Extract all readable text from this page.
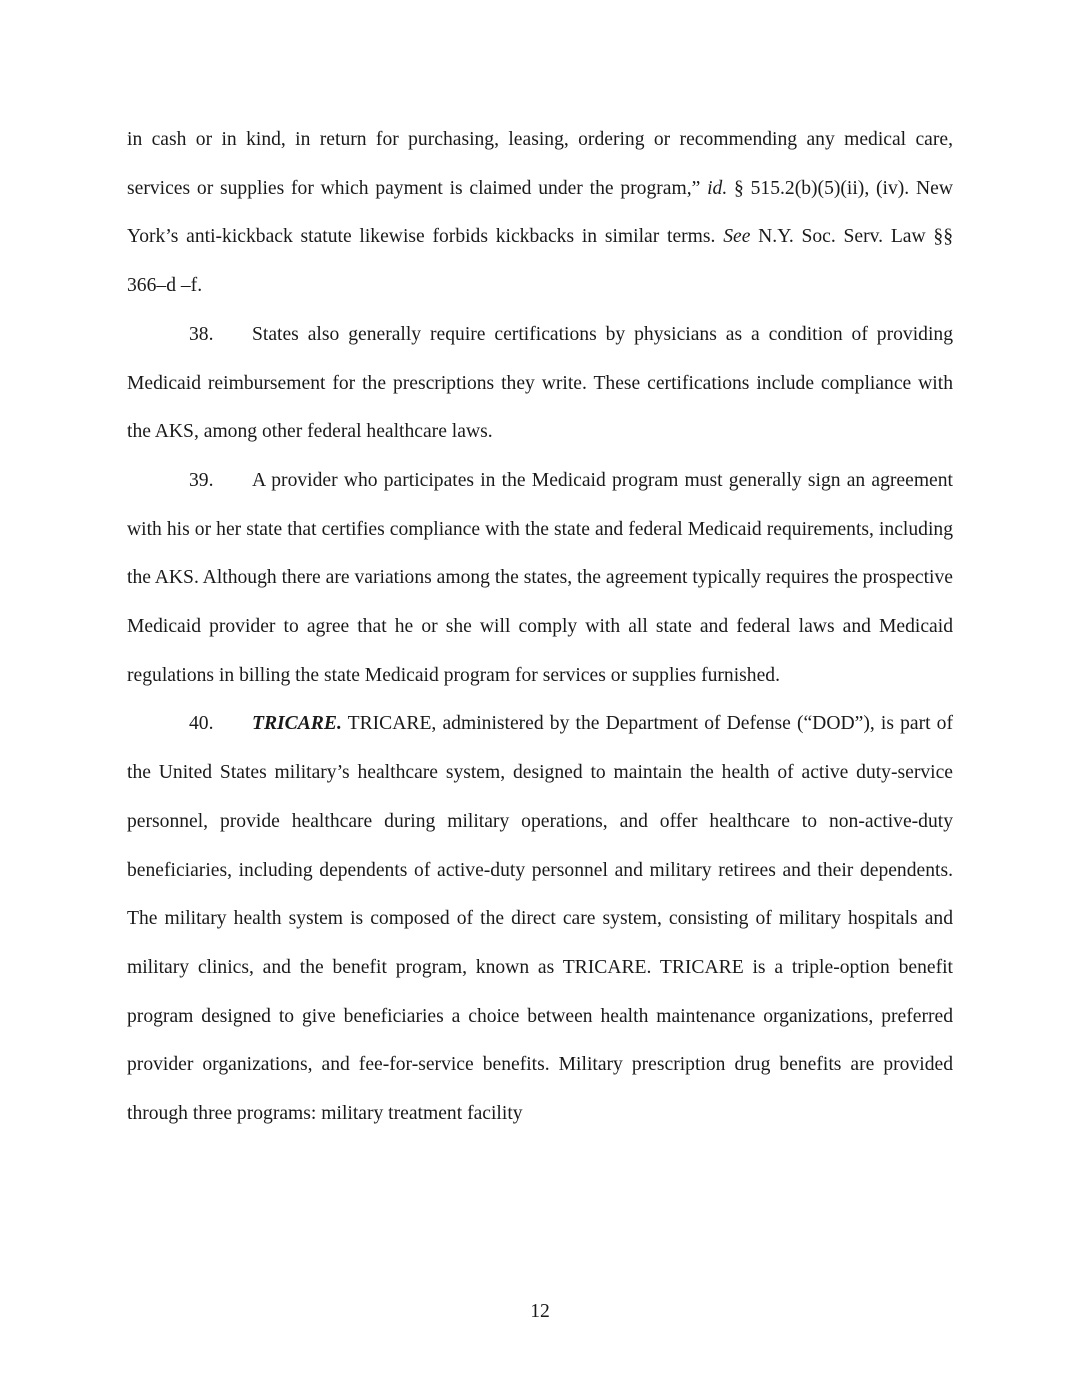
in cash or in kind, in return for purchasing, leasing, ordering or recommending any medical care, services or supplies for which payment is claimed under the program,” id. § 515.2(b)(5)(ii), (iv). New York’s anti-kickback statute likewise forbids kickbacks in similar terms. See N.Y. Soc. Serv. Law §§ 366–d –f.

38. States also generally require certifications by physicians as a condition of providing Medicaid reimbursement for the prescriptions they write. These certifications include compliance with the AKS, among other federal healthcare laws.

39. A provider who participates in the Medicaid program must generally sign an agreement with his or her state that certifies compliance with the state and federal Medicaid requirements, including the AKS. Although there are variations among the states, the agreement typically requires the prospective Medicaid provider to agree that he or she will comply with all state and federal laws and Medicaid regulations in billing the state Medicaid program for services or supplies furnished.

40. TRICARE. TRICARE, administered by the Department of Defense (“DOD”), is part of the United States military’s healthcare system, designed to maintain the health of active duty-service personnel, provide healthcare during military operations, and offer healthcare to non-active-duty beneficiaries, including dependents of active-duty personnel and military retirees and their dependents. The military health system is composed of the direct care system, consisting of military hospitals and military clinics, and the benefit program, known as TRICARE. TRICARE is a triple-option benefit program designed to give beneficiaries a choice between health maintenance organizations, preferred provider organizations, and fee-for-service benefits. Military prescription drug benefits are provided through three programs: military treatment facility

12
